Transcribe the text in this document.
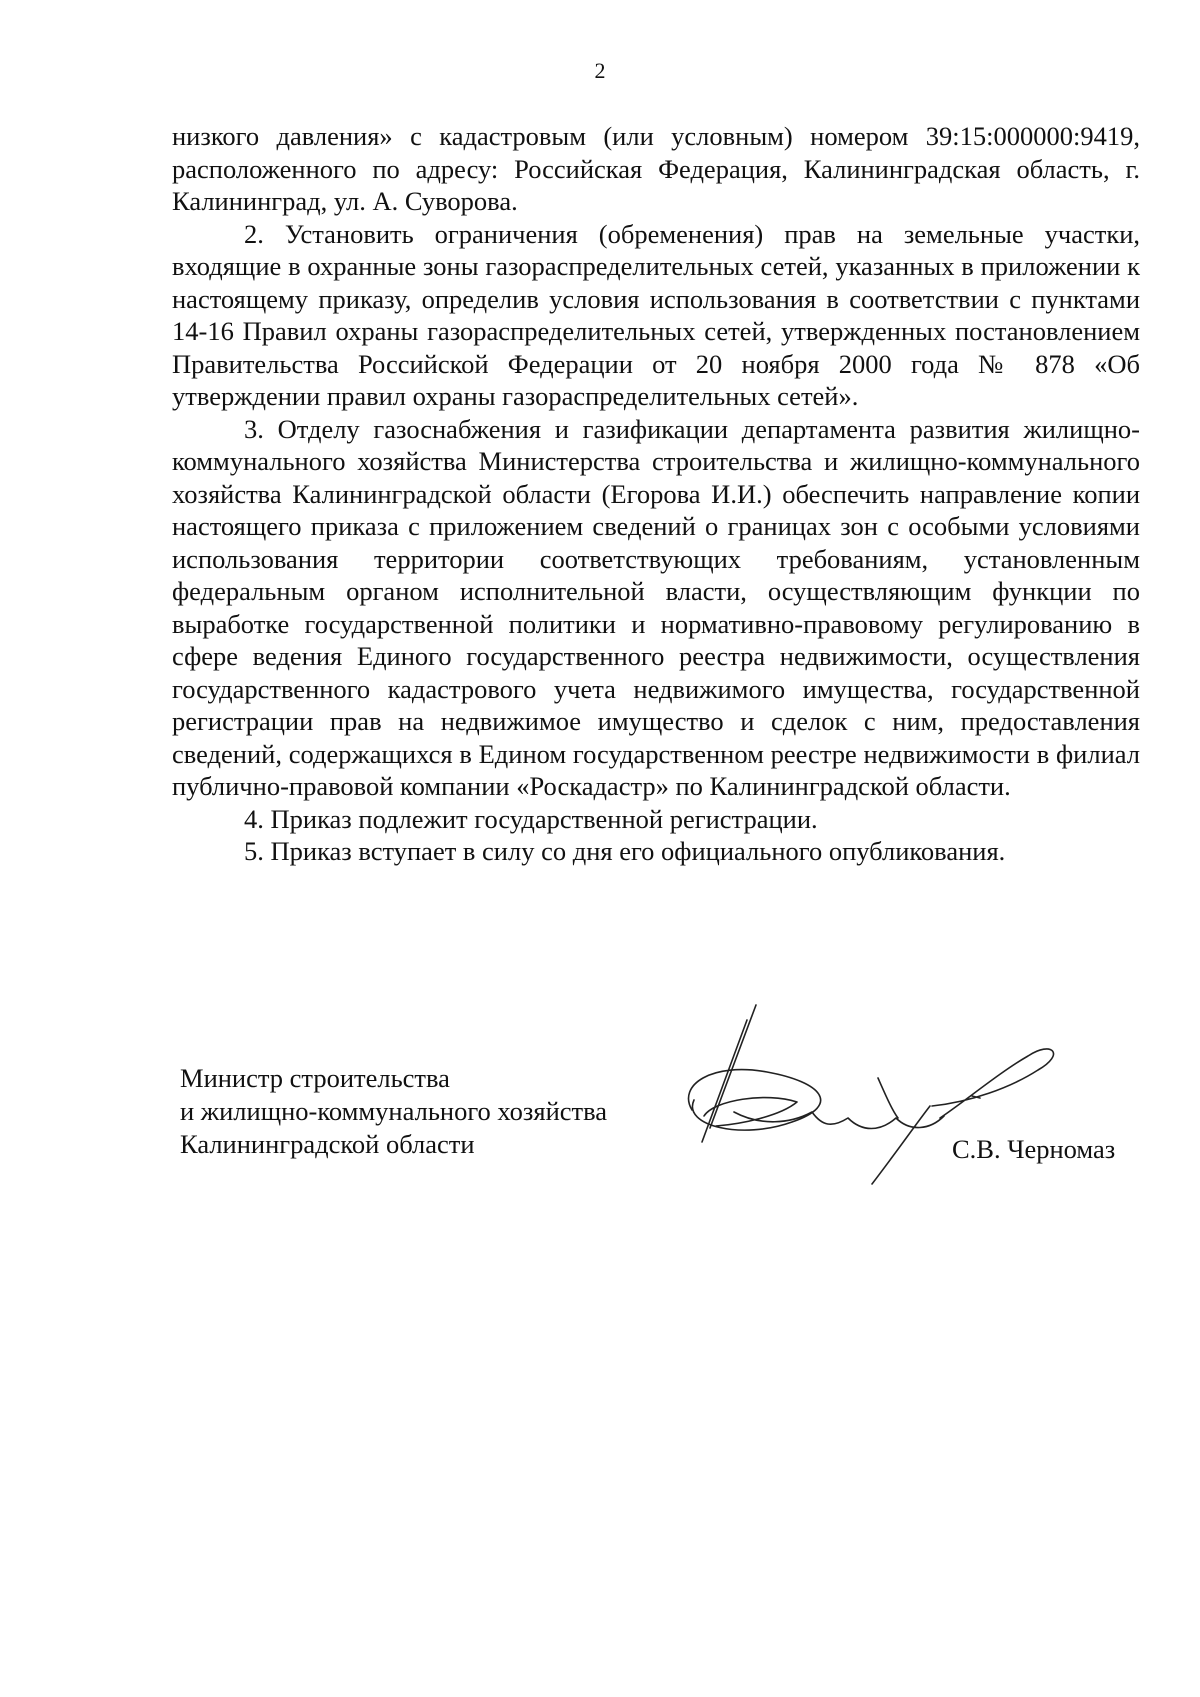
2

низкого давления» с кадастровым (или условным) номером 39:15:000000:9419, расположенного по адресу: Российская Федерация, Калининградская область, г. Калининград, ул. А. Суворова.

2. Установить ограничения (обременения) прав на земельные участки, входящие в охранные зоны газораспределительных сетей, указанных в приложении к настоящему приказу, определив условия использования в соответствии с пунктами 14-16 Правил охраны газораспределительных сетей, утвержденных постановлением Правительства Российской Федерации от 20 ноября 2000 года № 878 «Об утверждении правил охраны газораспределительных сетей».

3. Отделу газоснабжения и газификации департамента развития жилищно-коммунального хозяйства Министерства строительства и жилищно-коммунального хозяйства Калининградской области (Егорова И.И.) обеспечить направление копии настоящего приказа с приложением сведений о границах зон с особыми условиями использования территории соответствующих требованиям, установленным федеральным органом исполнительной власти, осуществляющим функции по выработке государственной политики и нормативно-правовому регулированию в сфере ведения Единого государственного реестра недвижимости, осуществления государственного кадастрового учета недвижимого имущества, государственной регистрации прав на недвижимое имущество и сделок с ним, предоставления сведений, содержащихся в Едином государственном реестре недвижимости в филиал публично-правовой компании «Роскадастр» по Калининградской области.

4. Приказ подлежит государственной регистрации.

5. Приказ вступает в силу со дня его официального опубликования.

Министр строительства
и жилищно-коммунального хозяйства
Калининградской области	С.В. Черномаз
